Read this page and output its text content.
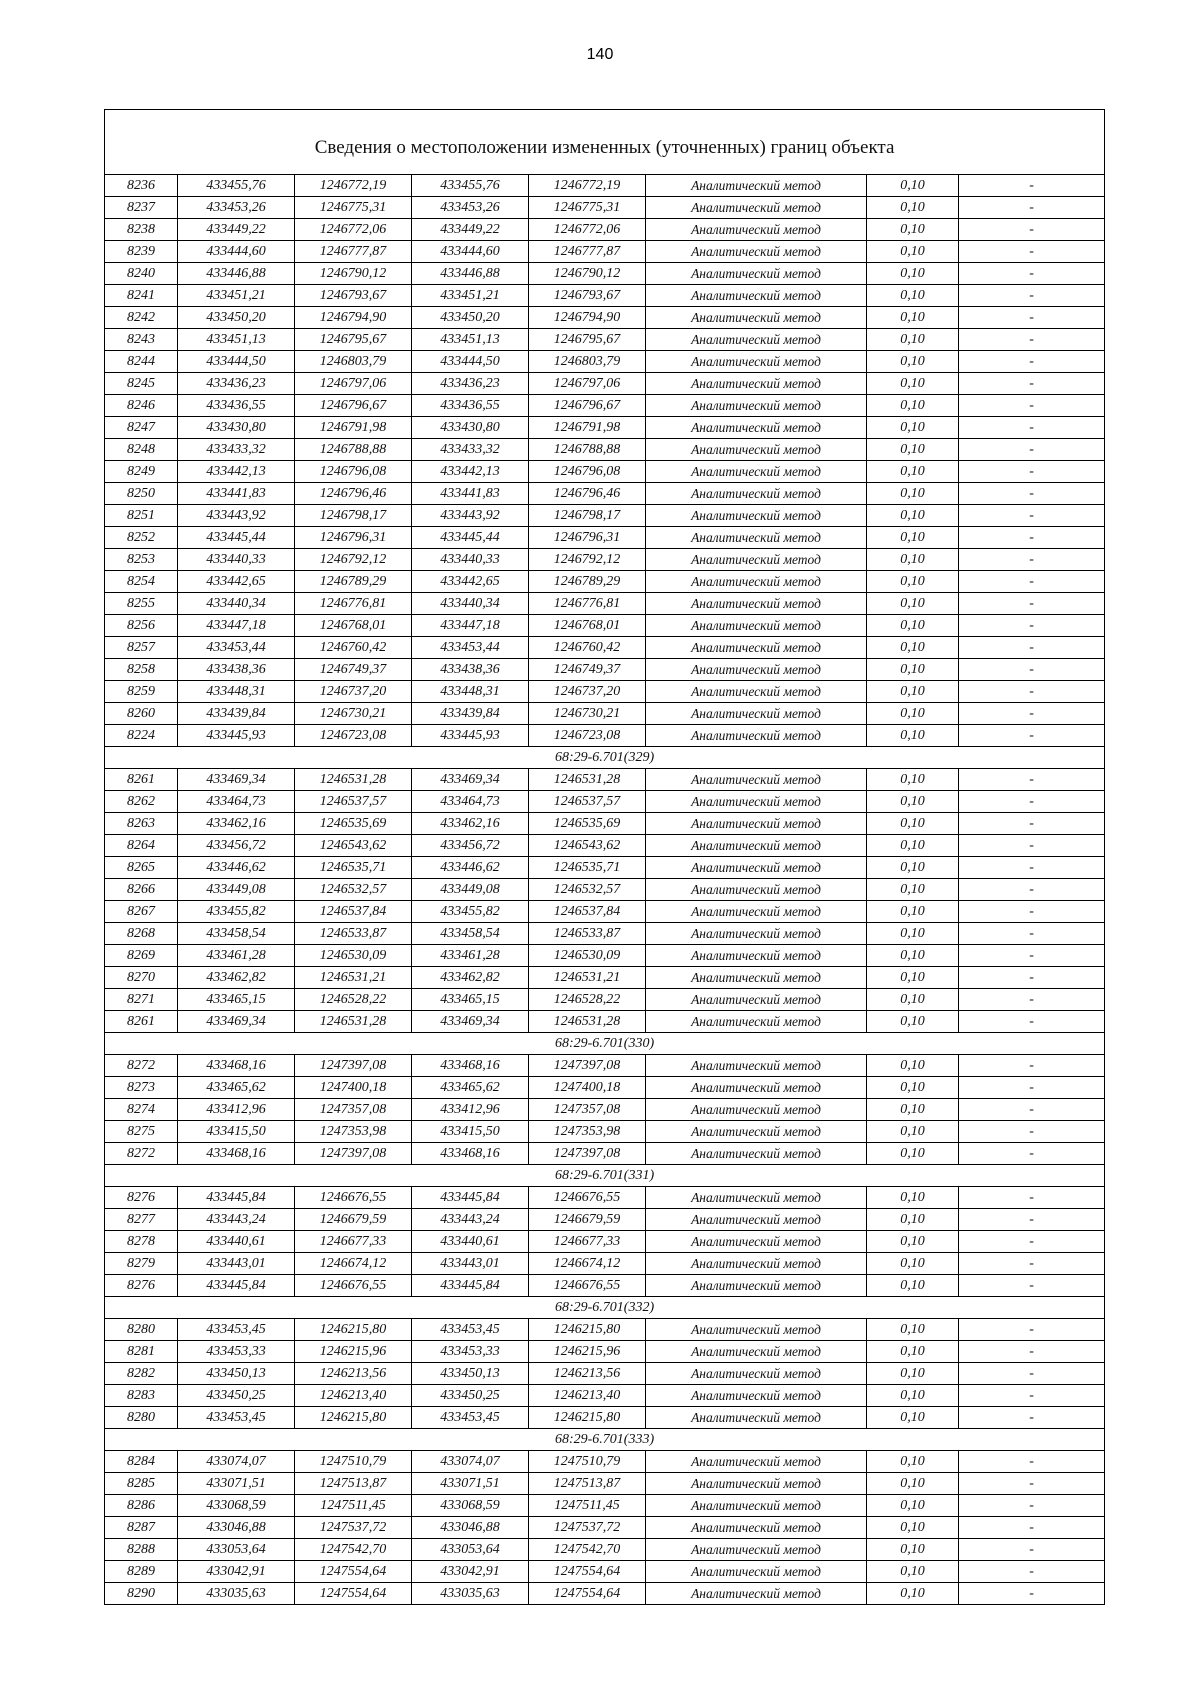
140
Сведения о местоположении измененных (уточненных) границ объекта							
8236	433455,76	1246772,19	433455,76	1246772,19	Аналитический метод	0,10	-
8237	433453,26	1246775,31	433453,26	1246775,31	Аналитический метод	0,10	-
8238	433449,22	1246772,06	433449,22	1246772,06	Аналитический метод	0,10	-
8239	433444,60	1246777,87	433444,60	1246777,87	Аналитический метод	0,10	-
8240	433446,88	1246790,12	433446,88	1246790,12	Аналитический метод	0,10	-
8241	433451,21	1246793,67	433451,21	1246793,67	Аналитический метод	0,10	-
8242	433450,20	1246794,90	433450,20	1246794,90	Аналитический метод	0,10	-
8243	433451,13	1246795,67	433451,13	1246795,67	Аналитический метод	0,10	-
8244	433444,50	1246803,79	433444,50	1246803,79	Аналитический метод	0,10	-
8245	433436,23	1246797,06	433436,23	1246797,06	Аналитический метод	0,10	-
8246	433436,55	1246796,67	433436,55	1246796,67	Аналитический метод	0,10	-
8247	433430,80	1246791,98	433430,80	1246791,98	Аналитический метод	0,10	-
8248	433433,32	1246788,88	433433,32	1246788,88	Аналитический метод	0,10	-
8249	433442,13	1246796,08	433442,13	1246796,08	Аналитический метод	0,10	-
8250	433441,83	1246796,46	433441,83	1246796,46	Аналитический метод	0,10	-
8251	433443,92	1246798,17	433443,92	1246798,17	Аналитический метод	0,10	-
8252	433445,44	1246796,31	433445,44	1246796,31	Аналитический метод	0,10	-
8253	433440,33	1246792,12	433440,33	1246792,12	Аналитический метод	0,10	-
8254	433442,65	1246789,29	433442,65	1246789,29	Аналитический метод	0,10	-
8255	433440,34	1246776,81	433440,34	1246776,81	Аналитический метод	0,10	-
8256	433447,18	1246768,01	433447,18	1246768,01	Аналитический метод	0,10	-
8257	433453,44	1246760,42	433453,44	1246760,42	Аналитический метод	0,10	-
8258	433438,36	1246749,37	433438,36	1246749,37	Аналитический метод	0,10	-
8259	433448,31	1246737,20	433448,31	1246737,20	Аналитический метод	0,10	-
8260	433439,84	1246730,21	433439,84	1246730,21	Аналитический метод	0,10	-
8224	433445,93	1246723,08	433445,93	1246723,08	Аналитический метод	0,10	-
68:29-6.701(329)							
8261	433469,34	1246531,28	433469,34	1246531,28	Аналитический метод	0,10	-
8262	433464,73	1246537,57	433464,73	1246537,57	Аналитический метод	0,10	-
8263	433462,16	1246535,69	433462,16	1246535,69	Аналитический метод	0,10	-
8264	433456,72	1246543,62	433456,72	1246543,62	Аналитический метод	0,10	-
8265	433446,62	1246535,71	433446,62	1246535,71	Аналитический метод	0,10	-
8266	433449,08	1246532,57	433449,08	1246532,57	Аналитический метод	0,10	-
8267	433455,82	1246537,84	433455,82	1246537,84	Аналитический метод	0,10	-
8268	433458,54	1246533,87	433458,54	1246533,87	Аналитический метод	0,10	-
8269	433461,28	1246530,09	433461,28	1246530,09	Аналитический метод	0,10	-
8270	433462,82	1246531,21	433462,82	1246531,21	Аналитический метод	0,10	-
8271	433465,15	1246528,22	433465,15	1246528,22	Аналитический метод	0,10	-
8261	433469,34	1246531,28	433469,34	1246531,28	Аналитический метод	0,10	-
68:29-6.701(330)							
8272	433468,16	1247397,08	433468,16	1247397,08	Аналитический метод	0,10	-
8273	433465,62	1247400,18	433465,62	1247400,18	Аналитический метод	0,10	-
8274	433412,96	1247357,08	433412,96	1247357,08	Аналитический метод	0,10	-
8275	433415,50	1247353,98	433415,50	1247353,98	Аналитический метод	0,10	-
8272	433468,16	1247397,08	433468,16	1247397,08	Аналитический метод	0,10	-
68:29-6.701(331)							
8276	433445,84	1246676,55	433445,84	1246676,55	Аналитический метод	0,10	-
8277	433443,24	1246679,59	433443,24	1246679,59	Аналитический метод	0,10	-
8278	433440,61	1246677,33	433440,61	1246677,33	Аналитический метод	0,10	-
8279	433443,01	1246674,12	433443,01	1246674,12	Аналитический метод	0,10	-
8276	433445,84	1246676,55	433445,84	1246676,55	Аналитический метод	0,10	-
68:29-6.701(332)							
8280	433453,45	1246215,80	433453,45	1246215,80	Аналитический метод	0,10	-
8281	433453,33	1246215,96	433453,33	1246215,96	Аналитический метод	0,10	-
8282	433450,13	1246213,56	433450,13	1246213,56	Аналитический метод	0,10	-
8283	433450,25	1246213,40	433450,25	1246213,40	Аналитический метод	0,10	-
8280	433453,45	1246215,80	433453,45	1246215,80	Аналитический метод	0,10	-
68:29-6.701(333)							
8284	433074,07	1247510,79	433074,07	1247510,79	Аналитический метод	0,10	-
8285	433071,51	1247513,87	433071,51	1247513,87	Аналитический метод	0,10	-
8286	433068,59	1247511,45	433068,59	1247511,45	Аналитический метод	0,10	-
8287	433046,88	1247537,72	433046,88	1247537,72	Аналитический метод	0,10	-
8288	433053,64	1247542,70	433053,64	1247542,70	Аналитический метод	0,10	-
8289	433042,91	1247554,64	433042,91	1247554,64	Аналитический метод	0,10	-
8290	433035,63	1247554,64	433035,63	1247554,64	Аналитический метод	0,10	-
